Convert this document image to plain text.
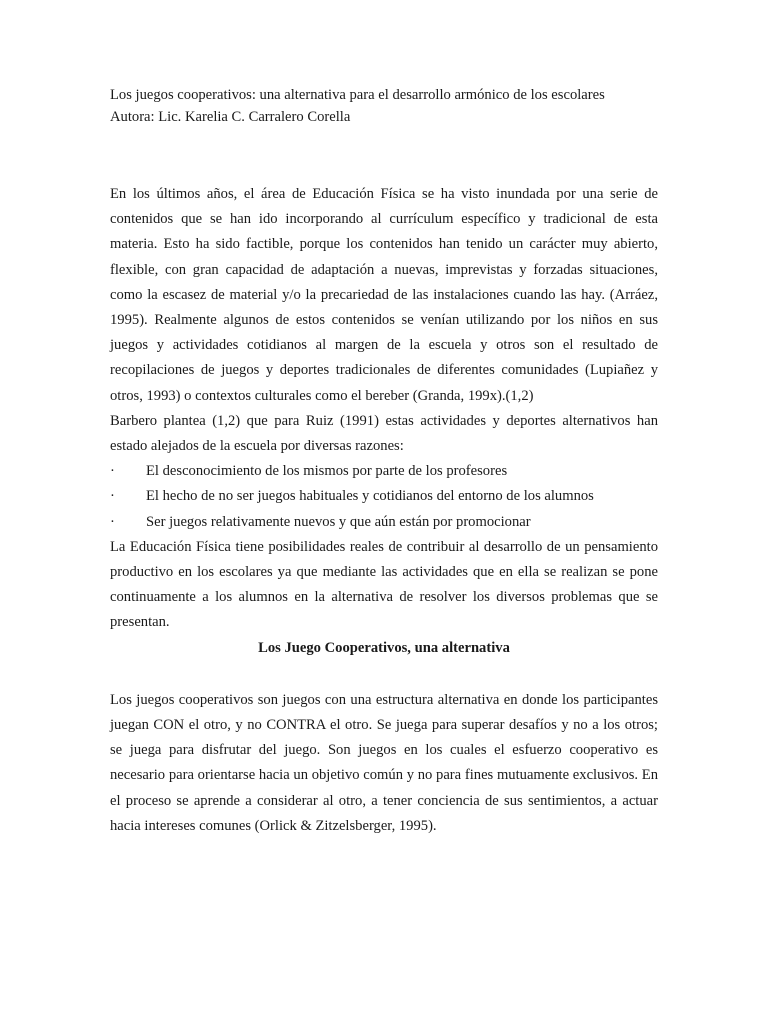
Los juegos cooperativos: una alternativa para el desarrollo armónico de los escolares
Autora: Lic. Karelia C. Carralero Corella

En los últimos años, el área de Educación Física se ha visto inundada por una serie de contenidos que se han ido incorporando al currículum específico y tradicional de esta materia. Esto ha sido factible, porque los contenidos han tenido un carácter muy abierto, flexible, con gran capacidad de adaptación a nuevas, imprevistas y forzadas situaciones, como la escasez de material y/o la precariedad de las instalaciones cuando las hay. (Arráez, 1995). Realmente algunos de estos contenidos se venían utilizando por los niños en sus juegos y actividades cotidianos al margen de la escuela y otros son el resultado de recopilaciones de juegos y deportes tradicionales de diferentes comunidades (Lupiañez y otros, 1993) o contextos culturales como el bereber (Granda, 199x).(1,2)

Barbero plantea (1,2) que para Ruiz (1991) estas actividades y deportes alternativos han estado alejados de la escuela por diversas razones:

·	El desconocimiento de los mismos por parte de los profesores
·	El hecho de no ser juegos habituales y cotidianos del entorno de los alumnos
·	Ser juegos relativamente nuevos y que aún están por promocionar

La Educación Física tiene posibilidades reales de contribuir al desarrollo de un pensamiento productivo en los escolares ya que mediante las actividades que en ella se realizan se pone continuamente a los alumnos en la alternativa de resolver los diversos problemas que se presentan.

Los Juego Cooperativos, una alternativa

Los juegos cooperativos son juegos con una estructura alternativa en donde los participantes juegan CON el otro, y no CONTRA el otro. Se juega para superar desafíos y no a los otros; se juega para disfrutar del juego. Son juegos en los cuales el esfuerzo cooperativo es necesario para orientarse hacia un objetivo común y no para fines mutuamente exclusivos. En el proceso se aprende a considerar al otro, a tener conciencia de sus sentimientos, a actuar hacia intereses comunes (Orlick & Zitzelsberger, 1995).
